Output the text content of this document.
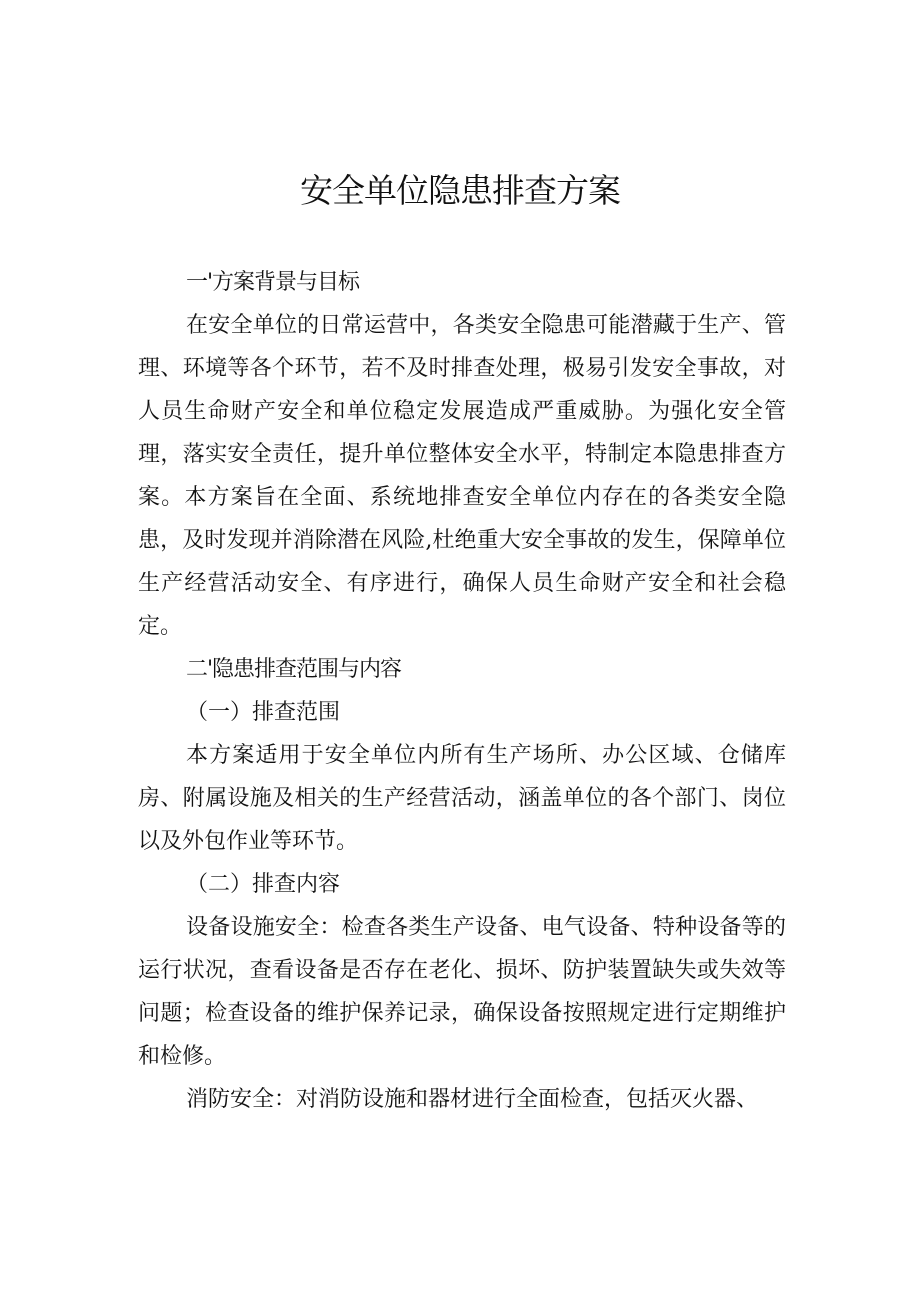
安全单位隐患排查方案
一'方案背景与目标

在安全单位的日常运营中，各类安全隐患可能潜藏于生产、管理、环境等各个环节，若不及时排查处理，极易引发安全事故，对人员生命财产安全和单位稳定发展造成严重威胁。为强化安全管理，落实安全责任，提升单位整体安全水平，特制定本隐患排查方案。本方案旨在全面、系统地排查安全单位内存在的各类安全隐患，及时发现并消除潜在风险,杜绝重大安全事故的发生，保障单位生产经营活动安全、有序进行，确保人员生命财产安全和社会稳定。

二'隐患排查范围与内容

（一）排查范围

本方案适用于安全单位内所有生产场所、办公区域、仓储库房、附属设施及相关的生产经营活动，涵盖单位的各个部门、岗位以及外包作业等环节。

（二）排查内容

设备设施安全：检查各类生产设备、电气设备、特种设备等的运行状况，查看设备是否存在老化、损坏、防护装置缺失或失效等问题；检查设备的维护保养记录，确保设备按照规定进行定期维护和检修。

消防安全：对消防设施和器材进行全面检查，包括灭火器、
